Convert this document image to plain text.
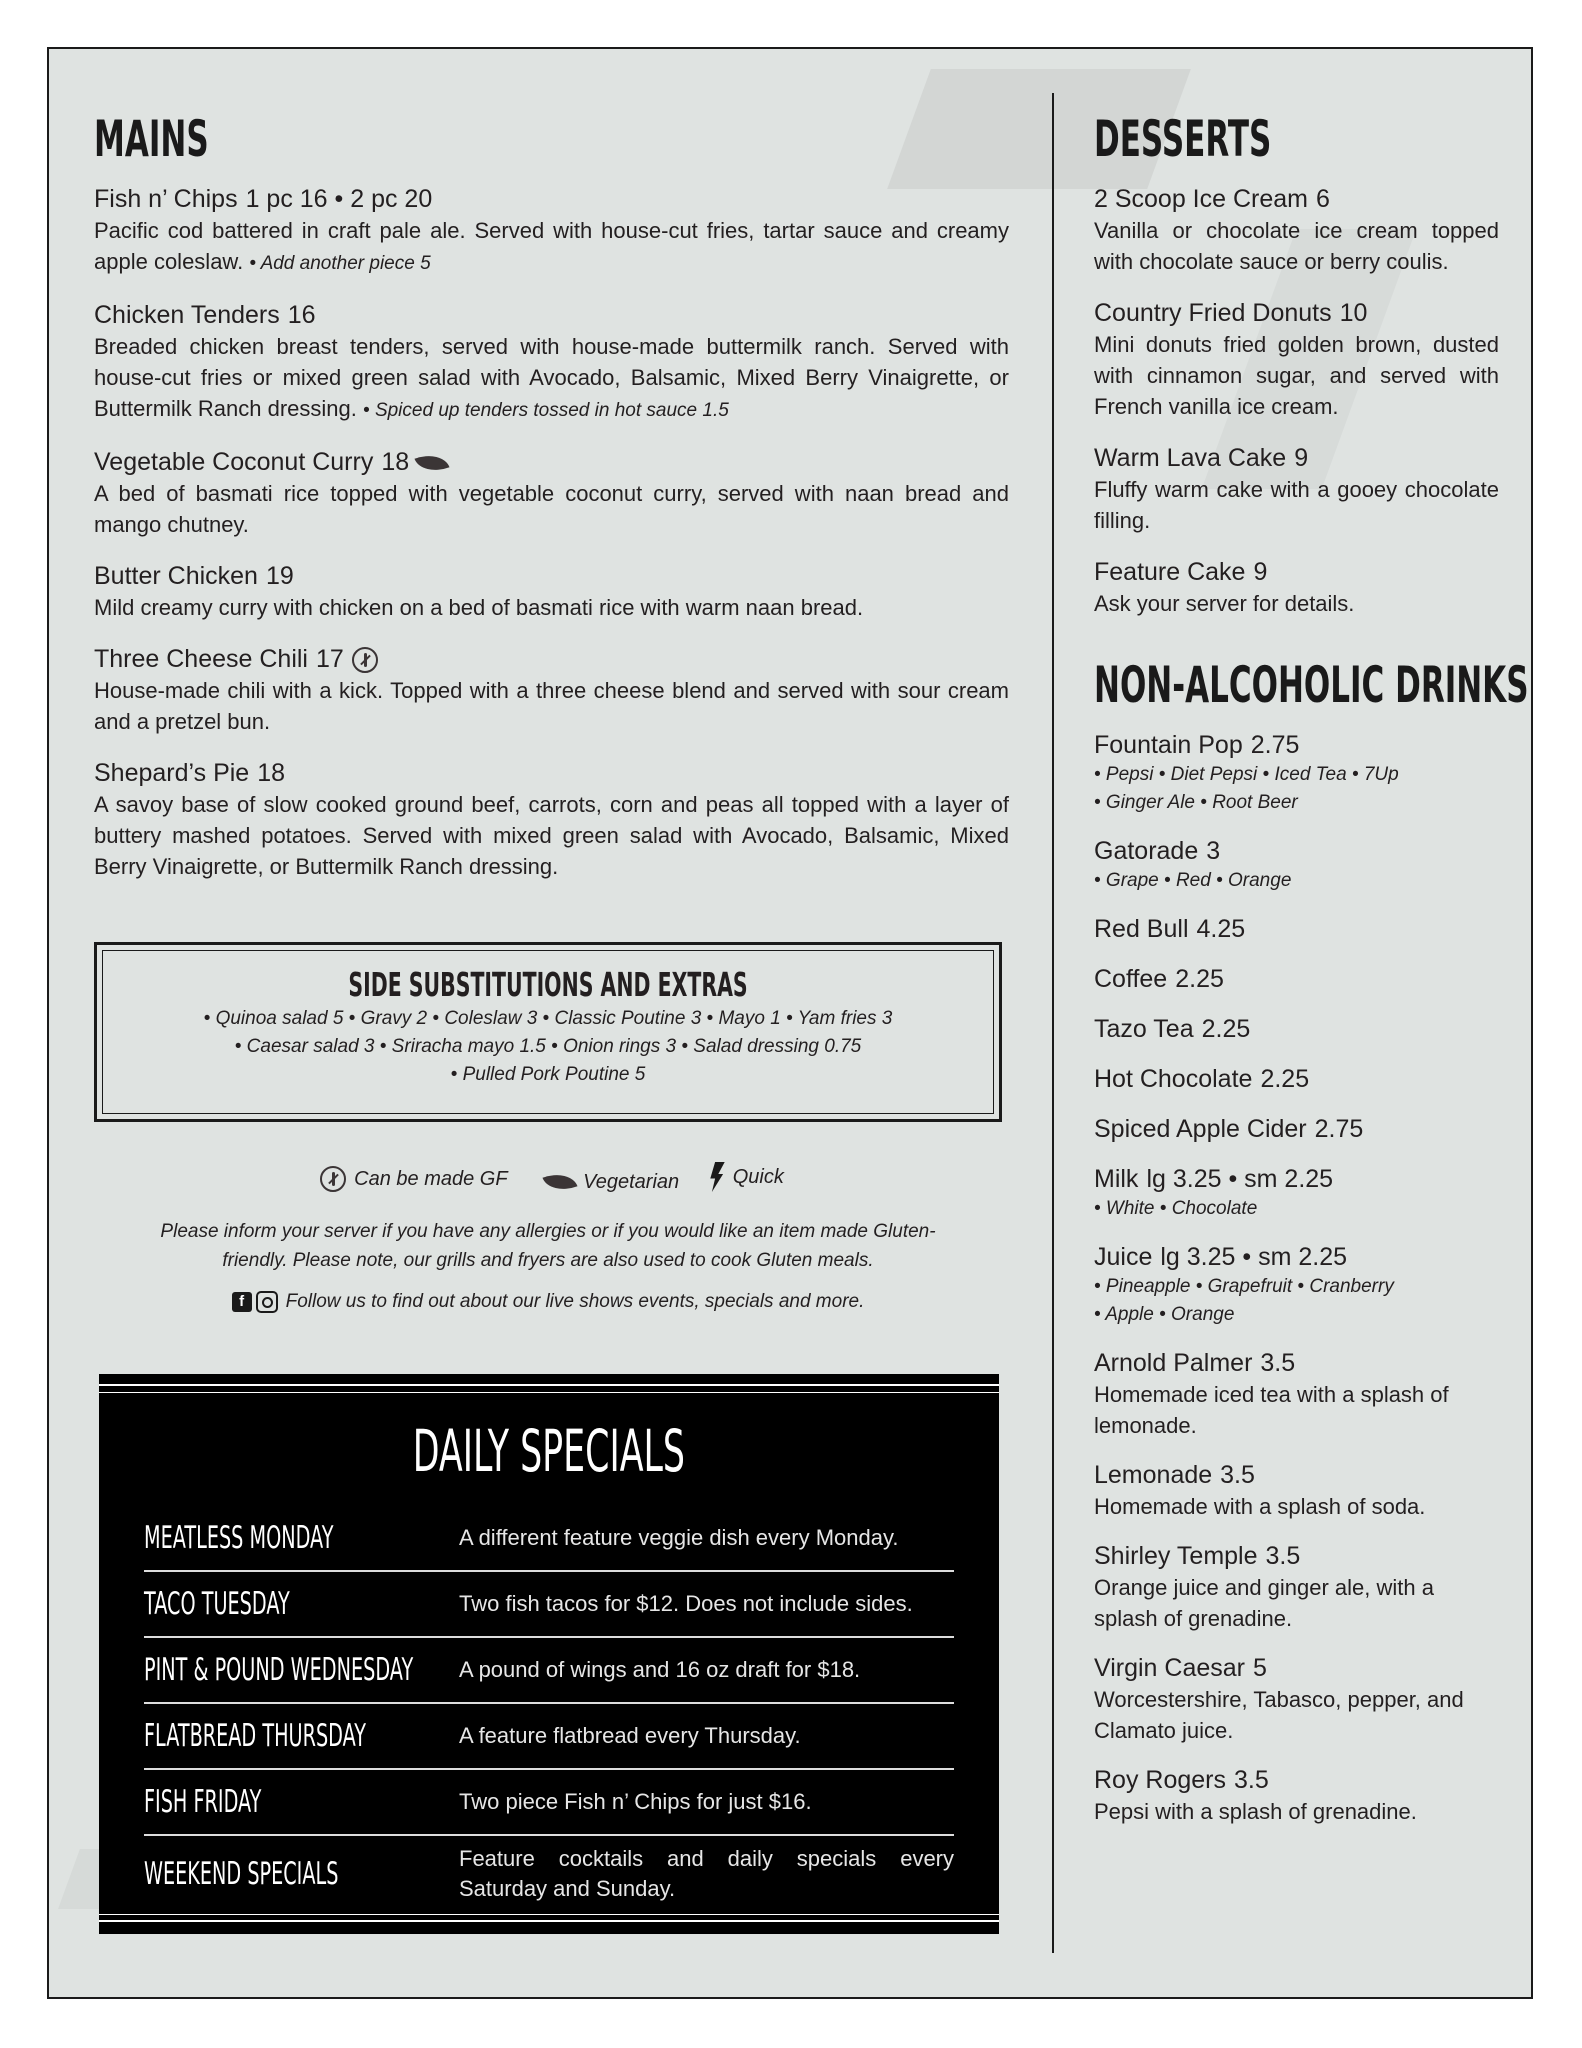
MAINS
Fish n’ Chips 1 pc 16 • 2 pc 20
Pacific cod battered in craft pale ale. Served with house-cut fries, tartar sauce and creamy apple coleslaw. • Add another piece 5
Chicken Tenders 16
Breaded chicken breast tenders, served with house-made buttermilk ranch. Served with house-cut fries or mixed green salad with Avocado, Balsamic, Mixed Berry Vinaigrette, or Buttermilk Ranch dressing. • Spiced up tenders tossed in hot sauce 1.5
Vegetable Coconut Curry 18
A bed of basmati rice topped with vegetable coconut curry, served with naan bread and mango chutney.
Butter Chicken 19
Mild creamy curry with chicken on a bed of basmati rice with warm naan bread.
Three Cheese Chili 17
House-made chili with a kick. Topped with a three cheese blend and served with sour cream and a pretzel bun.
Shepard’s Pie 18
A savoy base of slow cooked ground beef, carrots, corn and peas all topped with a layer of buttery mashed potatoes. Served with mixed green salad with Avocado, Balsamic, Mixed Berry Vinaigrette, or Buttermilk Ranch dressing.
SIDE SUBSTITUTIONS AND EXTRAS
• Quinoa salad 5 • Gravy 2 • Coleslaw 3 • Classic Poutine 3 • Mayo 1 • Yam fries 3
• Caesar salad 3 • Sriracha mayo 1.5 • Onion rings 3 • Salad dressing 0.75
• Pulled Pork Poutine 5
Can be made GF
	Vegetarian
	Quick
Please inform your server if you have any allergies or if you would like an item made Gluten-
friendly. Please note, our grills and fryers are also used to cook Gluten meals.
f Follow us to find out about our live shows events, specials and more.
DAILY SPECIALS
MEATLESS MONDAY	A different feature veggie dish every Monday.
TACO TUESDAY	Two fish tacos for $12. Does not include sides.
PINT & POUND WEDNESDAY	A pound of wings and 16 oz draft for $18.
FLATBREAD THURSDAY	A feature flatbread every Thursday.
FISH FRIDAY	Two piece Fish n’ Chips for just $16.
WEEKEND SPECIALS	Feature cocktails and daily specials every Saturday and Sunday.
DESSERTS
2 Scoop Ice Cream 6
Vanilla or chocolate ice cream topped with chocolate sauce or berry coulis.
Country Fried Donuts 10
Mini donuts fried golden brown, dusted with cinnamon sugar, and served with French vanilla ice cream.
Warm Lava Cake 9
Fluffy warm cake with a gooey chocolate filling.
Feature Cake 9
Ask your server for details.
NON-ALCOHOLIC DRINKS
Fountain Pop 2.75
• Pepsi • Diet Pepsi • Iced Tea • 7Up
• Ginger Ale • Root Beer
Gatorade 3
• Grape • Red • Orange
Red Bull 4.25
Coffee 2.25
Tazo Tea 2.25
Hot Chocolate 2.25
Spiced Apple Cider 2.75
Milk lg 3.25 • sm 2.25
• White • Chocolate
Juice lg 3.25 • sm 2.25
• Pineapple • Grapefruit • Cranberry
• Apple • Orange
Arnold Palmer 3.5
Homemade iced tea with a splash of lemonade.
Lemonade 3.5
Homemade with a splash of soda.
Shirley Temple 3.5
Orange juice and ginger ale, with a splash of grenadine.
Virgin Caesar 5
Worcestershire, Tabasco, pepper, and Clamato juice.
Roy Rogers 3.5
Pepsi with a splash of grenadine.
